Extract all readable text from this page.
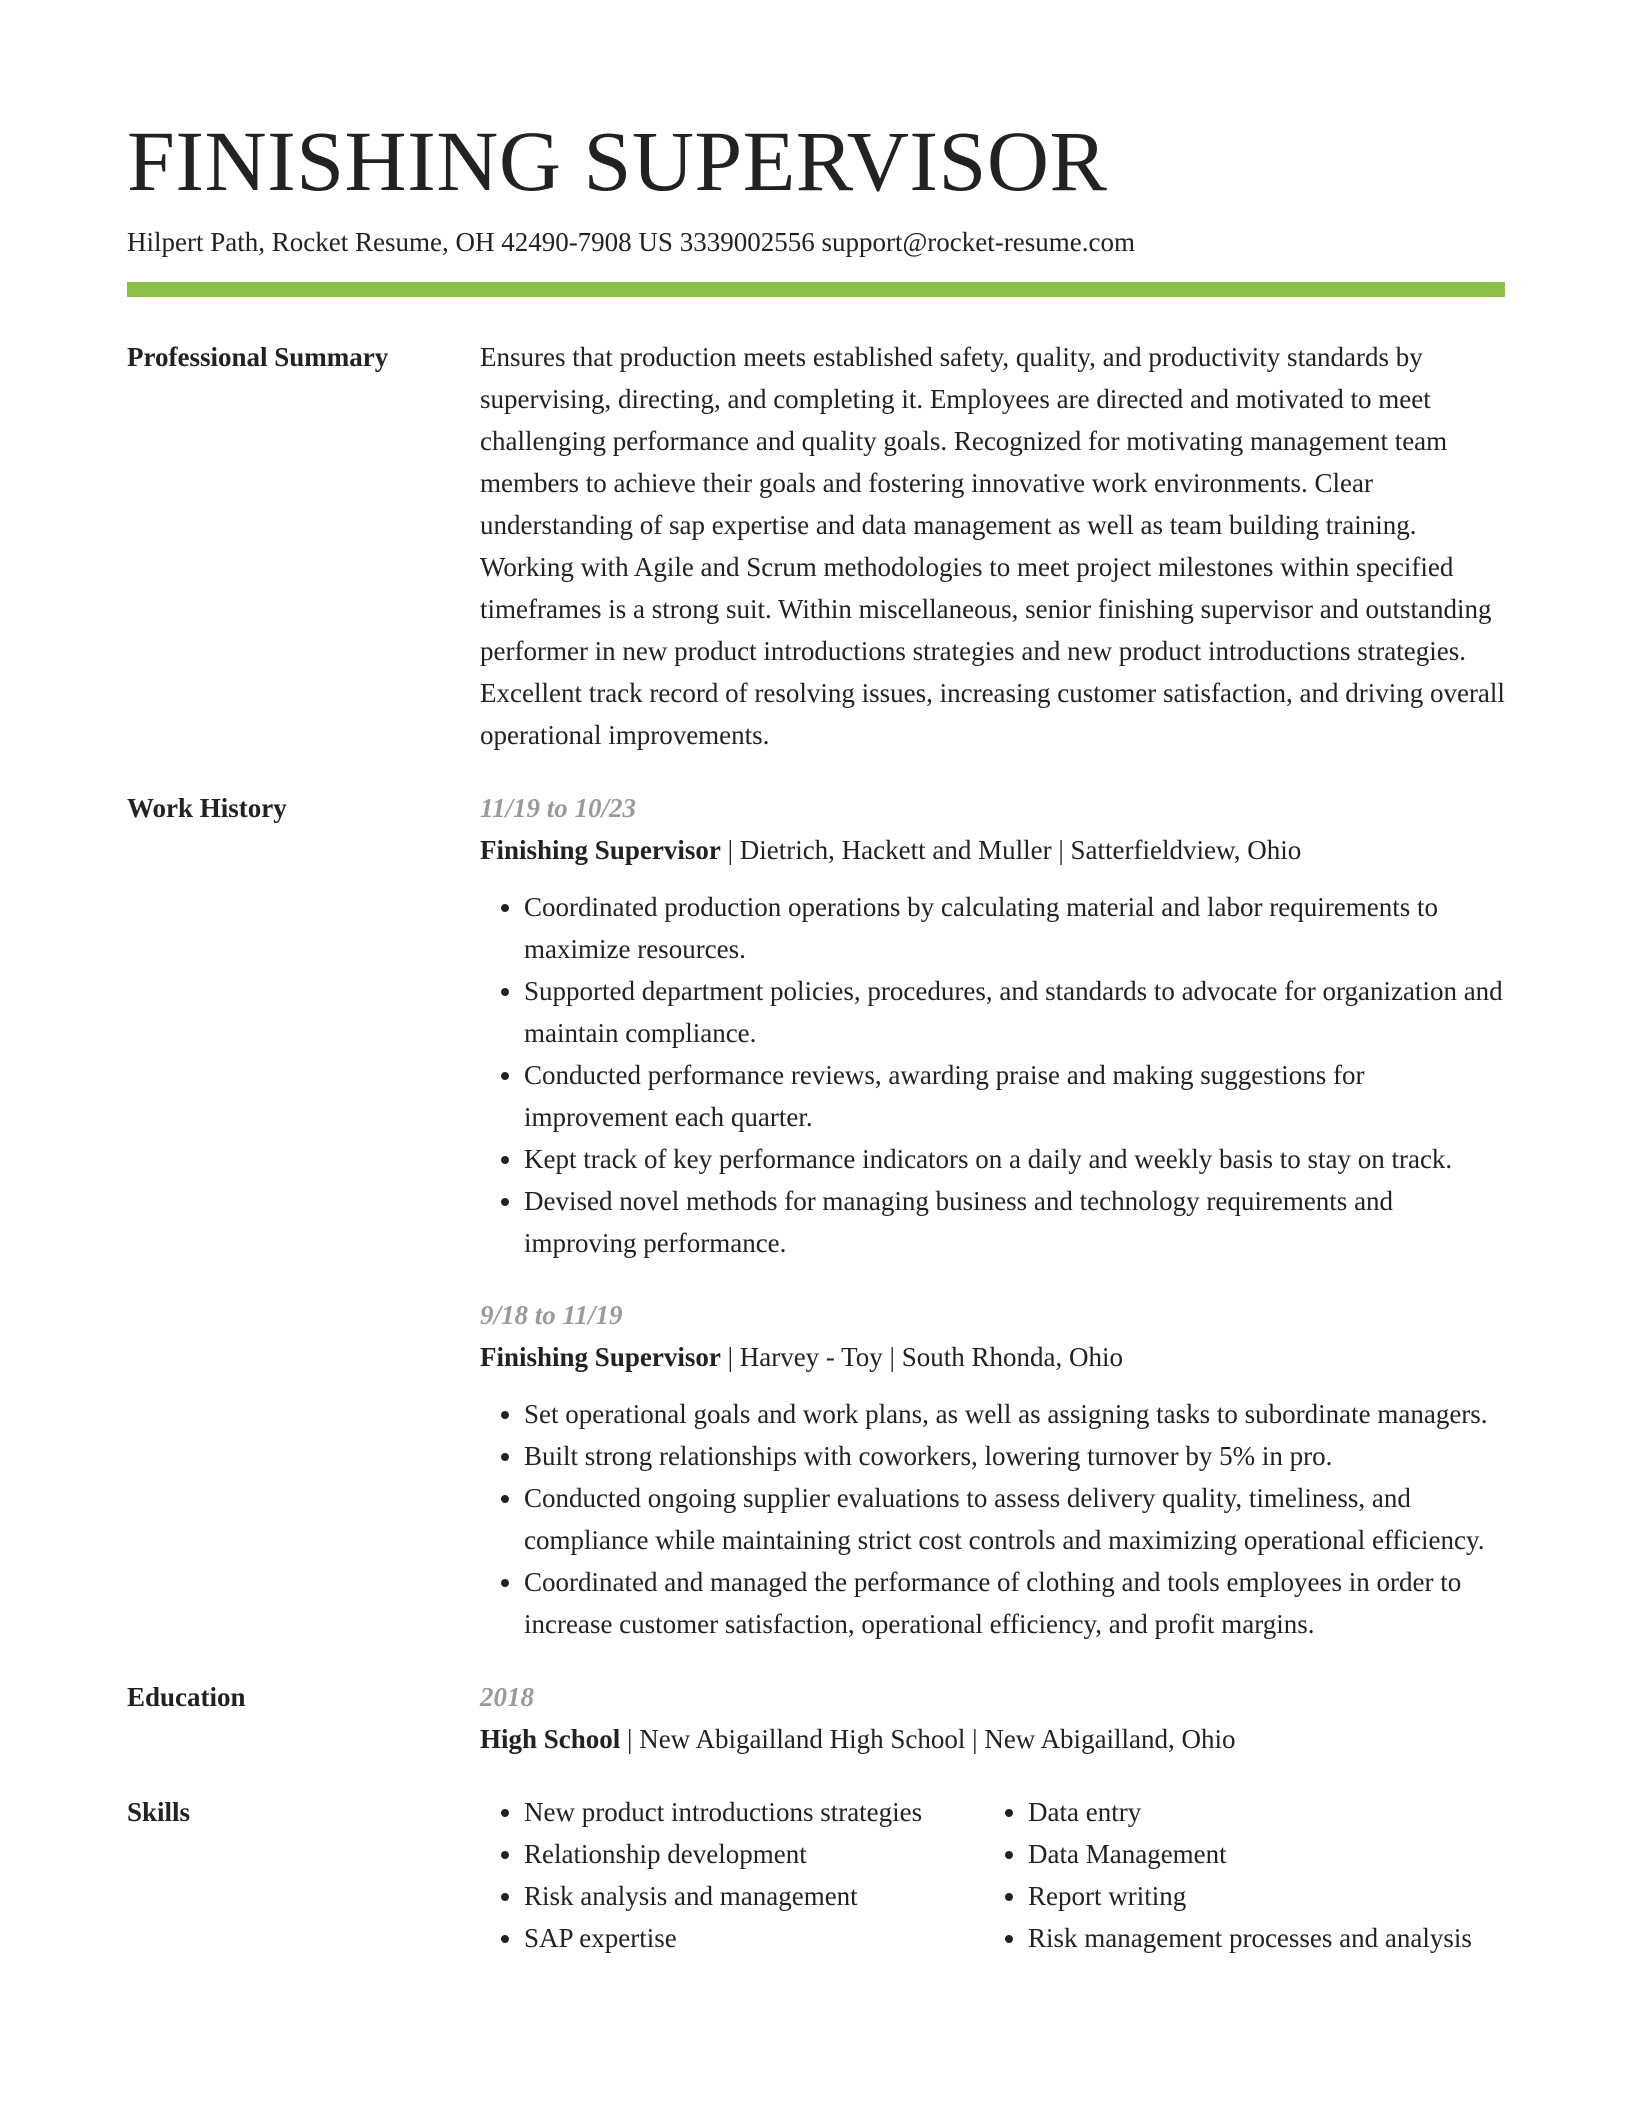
FINISHING SUPERVISOR
Hilpert Path, Rocket Resume, OH 42490-7908 US 3339002556 support@rocket-resume.com
Professional Summary	Ensures that production meets established safety, quality, and productivity standards by supervising, directing, and completing it. Employees are directed and motivated to meet challenging performance and quality goals. Recognized for motivating management team members to achieve their goals and fostering innovative work environments. Clear understanding of sap expertise and data management as well as team building training. Working with Agile and Scrum methodologies to meet project milestones within specified timeframes is a strong suit. Within miscellaneous, senior finishing supervisor and outstanding performer in new product introductions strategies and new product introductions strategies. Excellent track record of resolving issues, increasing customer satisfaction, and driving overall operational improvements.

Work History	11/19 to 10/23
Finishing Supervisor | Dietrich, Hackett and Muller | Satterfieldview, Ohio
• Coordinated production operations by calculating material and labor requirements to maximize resources.
• Supported department policies, procedures, and standards to advocate for organization and maintain compliance.
• Conducted performance reviews, awarding praise and making suggestions for improvement each quarter.
• Kept track of key performance indicators on a daily and weekly basis to stay on track.
• Devised novel methods for managing business and technology requirements and improving performance.
9/18 to 11/19
Finishing Supervisor | Harvey - Toy | South Rhonda, Ohio
• Set operational goals and work plans, as well as assigning tasks to subordinate managers.
• Built strong relationships with coworkers, lowering turnover by 5% in pro.
• Conducted ongoing supplier evaluations to assess delivery quality, timeliness, and compliance while maintaining strict cost controls and maximizing operational efficiency.
• Coordinated and managed the performance of clothing and tools employees in order to increase customer satisfaction, operational efficiency, and profit margins.
Education	2018
High School | New Abigailland High School | New Abigailland, Ohio
Skills
•	New product introductions strategies
• Relationship development
• Risk analysis and management
• SAP expertise
• Data entry
• Data Management
• Report writing
• Risk management processes and analysis
